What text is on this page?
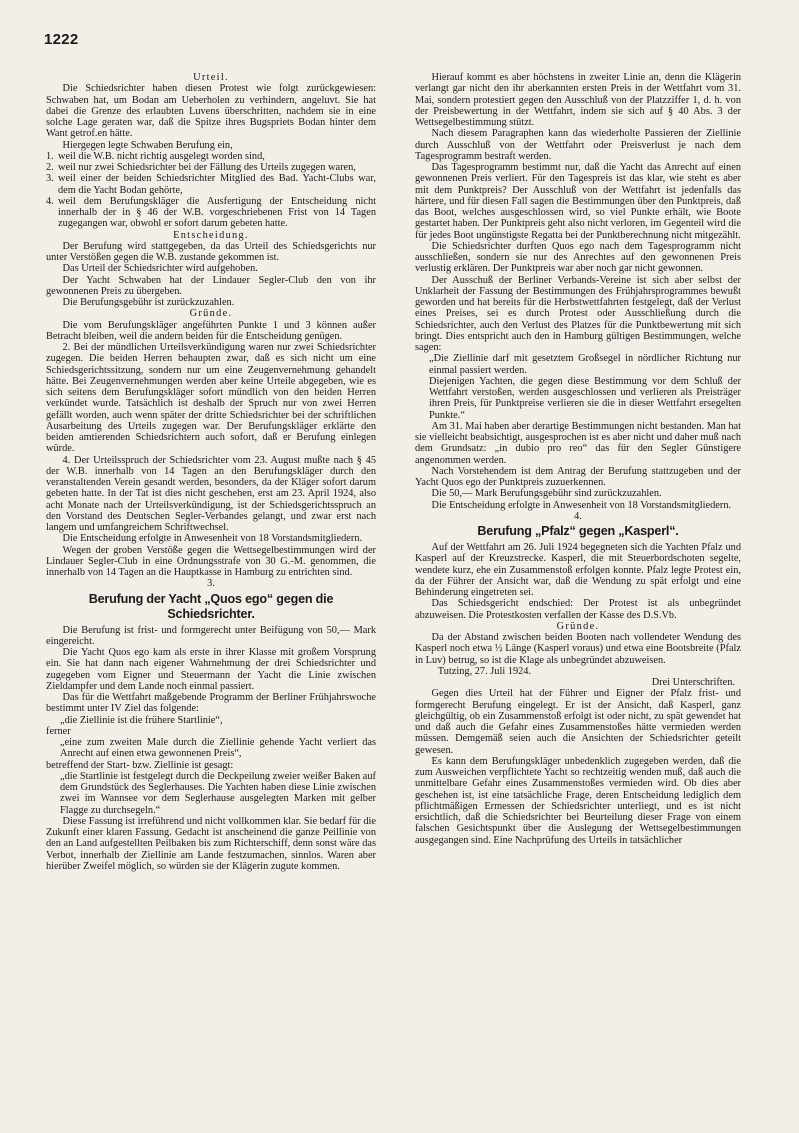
1222

Urteil.

Die Schiedsrichter haben diesen Protest wie folgt zurückgewiesen: Schwaben hat, um Bodan am Ueberholen zu verhindern, angeluvt. Sie hat dabei die Grenze des erlaubten Luvens überschritten, nachdem sie in eine solche Lage geraten war, daß die Spitze ihres Bugspriets Bodan hinter dem Want getrof.en hätte.

Hiergegen legte Schwaben Berufung ein,

1. weil die W.B. nicht richtig ausgelegt worden sind,

2. weil nur zwei Schiedsrichter bei der Fällung des Urteils zugegen waren,

3. weil einer der beiden Schiedsrichter Mitglied des Bad. Yacht-Clubs war, dem die Yacht Bodan gehörte,

4. weil dem Berufungskläger die Ausfertigung der Entscheidung nicht innerhalb der in § 46 der W.B. vorgeschriebenen Frist von 14 Tagen zugegangen war, obwohl er sofort darum gebeten hatte.

Entscheidung.

Der Berufung wird stattgegeben, da das Urteil des Schiedsgerichts nur unter Verstößen gegen die W.B. zustande gekommen ist.

Das Urteil der Schiedsrichter wird aufgehoben.

Der Yacht Schwaben hat der Lindauer Segler-Club den von ihr gewonnenen Preis zu übergeben.

Die Berufungsgebühr ist zurückzuzahlen.

Gründe.

Die vom Berufungskläger angeführten Punkte 1 und 3 können außer Betracht bleiben, weil die andern beiden für die Entscheidung genügen.

2. Bei der mündlichen Urteilsverkündigung waren nur zwei Schiedsrichter zugegen. Die beiden Herren behaupten zwar, daß es sich nicht um eine Schiedsgerichtssitzung, sondern nur um eine Zeugenvernehmung gehandelt hätte. Bei Zeugenvernehmungen werden aber keine Urteile abgegeben, wie es sich seitens dem Berufungskläger sofort mündlich von den beiden Herren verkündet wurde. Tatsächlich ist deshalb der Spruch nur von zwei Herren gefällt worden, auch wenn später der dritte Schiedsrichter bei der schriftlichen Ausarbeitung des Urteils zugegen war. Der Berufungskläger erklärte den beiden amtierenden Schiedsrichtern auch sofort, daß er Berufung einlegen würde.

4. Der Urteilsspruch der Schiedsrichter vom 23. August mußte nach § 45 der W.B. innerhalb von 14 Tagen an den Berufungskläger durch den veranstaltenden Verein gesandt werden, besonders, da der Kläger sofort darum gebeten hatte. In der Tat ist dies nicht geschehen, erst am 23. April 1924, also acht Monate nach der Urteilsverkündigung, ist der Schiedsgerichtsspruch an den Vorstand des Deutschen Segler-Verbandes gelangt, und zwar erst nach langem und umfangreichem Schriftwechsel.

Die Entscheidung erfolgte in Anwesenheit von 18 Vorstandsmitgliedern.

Wegen der groben Verstöße gegen die Wettsegelbestimmungen wird der Lindauer Segler-Club in eine Ordnungsstrafe von 30 G.-M. genommen, die innerhalb von 14 Tagen an die Hauptkasse in Hamburg zu entrichten sind.

3.

Berufung der Yacht „Quos ego“ gegen die Schiedsrichter.

Die Berufung ist frist- und formgerecht unter Beifügung von 50,— Mark eingereicht.

Die Yacht Quos ego kam als erste in ihrer Klasse mit großem Vorsprung ein. Sie hat dann nach eigener Wahrnehmung der drei Schiedsrichter und zugegeben vom Eigner und Steuermann der Yacht die Linie zwischen Zieldampfer und dem Lande noch einmal passiert.

Das für die Wettfahrt maßgebende Programm der Berliner Frühjahrswoche bestimmt unter IV Ziel das folgende:

„die Ziellinie ist die frühere Startlinie“,

ferner

„eine zum zweiten Male durch die Ziellinie gehende Yacht verliert das Anrecht auf einen etwa gewonnenen Preis“,

betreffend der Start- bzw. Ziellinie ist gesagt:

„die Startlinie ist festgelegt durch die Deckpeilung zweier weißer Baken auf dem Grundstück des Seglerhauses. Die Yachten haben diese Linie zwischen zwei im Wannsee vor dem Seglerhause ausgelegten Marken mit gelber Flagge zu durchsegeln.“

Diese Fassung ist irreführend und nicht vollkommen klar. Sie bedarf für die Zukunft einer klaren Fassung. Gedacht ist anscheinend die ganze Peillinie von den an Land aufgestellten Peilbaken bis zum Richterschiff, denn sonst wäre das Verbot, innerhalb der Ziellinie am Lande festzumachen, sinnlos. Waren aber hierüber Zweifel möglich, so würden sie der Klägerin zugute kommen.

Hierauf kommt es aber höchstens in zweiter Linie an, denn die Klägerin verlangt gar nicht den ihr aberkannten ersten Preis in der Wettfahrt vom 31. Mai, sondern protestiert gegen den Ausschluß von der Platzziffer 1, d. h. von der Preisbewertung in der Wettfahrt, indem sie sich auf § 40 Abs. 3 der Wettsegelbestimmung stützt.

Nach diesem Paragraphen kann das wiederholte Passieren der Ziellinie durch Ausschluß von der Wettfahrt oder Preisverlust je nach dem Tagesprogramm bestraft werden.

Das Tagesprogramm bestimmt nur, daß die Yacht das Anrecht auf einen gewonnenen Preis verliert. Für den Tagespreis ist das klar, wie steht es aber mit dem Punktpreis? Der Ausschluß von der Wettfahrt ist jedenfalls das härtere, und für diesen Fall sagen die Bestimmungen über den Punktpreis, daß das Boot, welches ausgeschlossen wird, so viel Punkte erhält, wie Boote gestartet haben. Der Punktpreis geht also nicht verloren, im Gegenteil wird die für jedes Boot ungünstigste Regatta bei der Punktberechnung nicht mitgezählt.

Die Schiedsrichter durften Quos ego nach dem Tagesprogramm nicht ausschließen, sondern sie nur des Anrechtes auf den gewonnenen Preis verlustig erklären. Der Punktpreis war aber noch gar nicht gewonnen.

Der Ausschuß der Berliner Verbands-Vereine ist sich aber selbst der Unklarheit der Fassung der Bestimmungen des Frühjahrsprogrammes bewußt geworden und hat bereits für die Herbstwettfahrten festgelegt, daß der Verlust eines Preises, sei es durch Protest oder Ausschließung durch die Schiedsrichter, auch den Verlust des Platzes für die Punktbewertung mit sich bringt. Dies entspricht auch den in Hamburg gültigen Bestimmungen, welche sagen:

„Die Ziellinie darf mit gesetztem Großsegel in nördlicher Richtung nur einmal passiert werden.

Diejenigen Yachten, die gegen diese Bestimmung vor dem Schluß der Wettfahrt verstoßen, werden ausgeschlossen und verlieren als Preisträger ihren Preis, für Punktpreise verlieren sie die in dieser Wettfahrt ersegelten Punkte.“

Am 31. Mai haben aber derartige Bestimmungen nicht bestanden. Man hat sie vielleicht beabsichtigt, ausgesprochen ist es aber nicht und daher muß nach dem Grundsatz: „in dubio pro reo“ das für den Segler Günstigere angenommen werden.

Nach Vorstehendem ist dem Antrag der Berufung stattzugeben und der Yacht Quos ego der Punktpreis zuzuerkennen.

Die 50,— Mark Berufungsgebühr sind zurückzuzahlen.

Die Entscheidung erfolgte in Anwesenheit von 18 Vorstandsmitgliedern.

4.

Berufung „Pfalz“ gegen „Kasperl“.

Auf der Wettfahrt am 26. Juli 1924 begegneten sich die Yachten Pfalz und Kasperl auf der Kreuzstrecke. Kasperl, die mit Steuerbordschoten segelte, wendete kurz, ehe ein Zusammenstoß erfolgen konnte. Pfalz legte Protest ein, da der Führer der Ansicht war, daß die Wendung zu spät erfolgt und eine Behinderung eingetreten sei.

Das Schiedsgericht endschied: Der Protest ist als unbegründet abzuweisen. Die Protestkosten verfallen der Kasse des D.S.Vb.

Gründe.

Da der Abstand zwischen beiden Booten nach vollendeter Wendung des Kasperl noch etwa ½ Länge (Kasperl voraus) und etwa eine Bootsbreite (Pfalz in Luv) betrug, so ist die Klage als unbegründet abzuweisen.

Tutzing, 27. Juli 1924.

Drei Unterschriften.

Gegen dies Urteil hat der Führer und Eigner der Pfalz frist- und formgerecht Berufung eingelegt. Er ist der Ansicht, daß Kasperl, ganz gleichgültig, ob ein Zusammenstoß erfolgt ist oder nicht, zu spät gewendet hat und daß auch die Gefahr eines Zusammenstoßes hätte vermieden werden müssen. Demgemäß seien auch die Ansichten der Schiedsrichter geteilt gewesen.

Es kann dem Berufungskläger unbedenklich zugegeben werden, daß die zum Ausweichen verpflichtete Yacht so rechtzeitig wenden muß, daß auch die unmittelbare Gefahr eines Zusammenstoßes vermieden wird. Ob dies aber geschehen ist, ist eine tatsächliche Frage, deren Entscheidung lediglich dem pflichtmäßigen Ermessen der Schiedsrichter unterliegt, und es ist nicht ersichtlich, daß die Schiedsrichter bei Beurteilung dieser Frage von einem falschen Gesichtspunkt über die Auslegung der Wettsegelbestimmungen ausgegangen sind. Eine Nachprüfung des Urteils in tatsächlicher
